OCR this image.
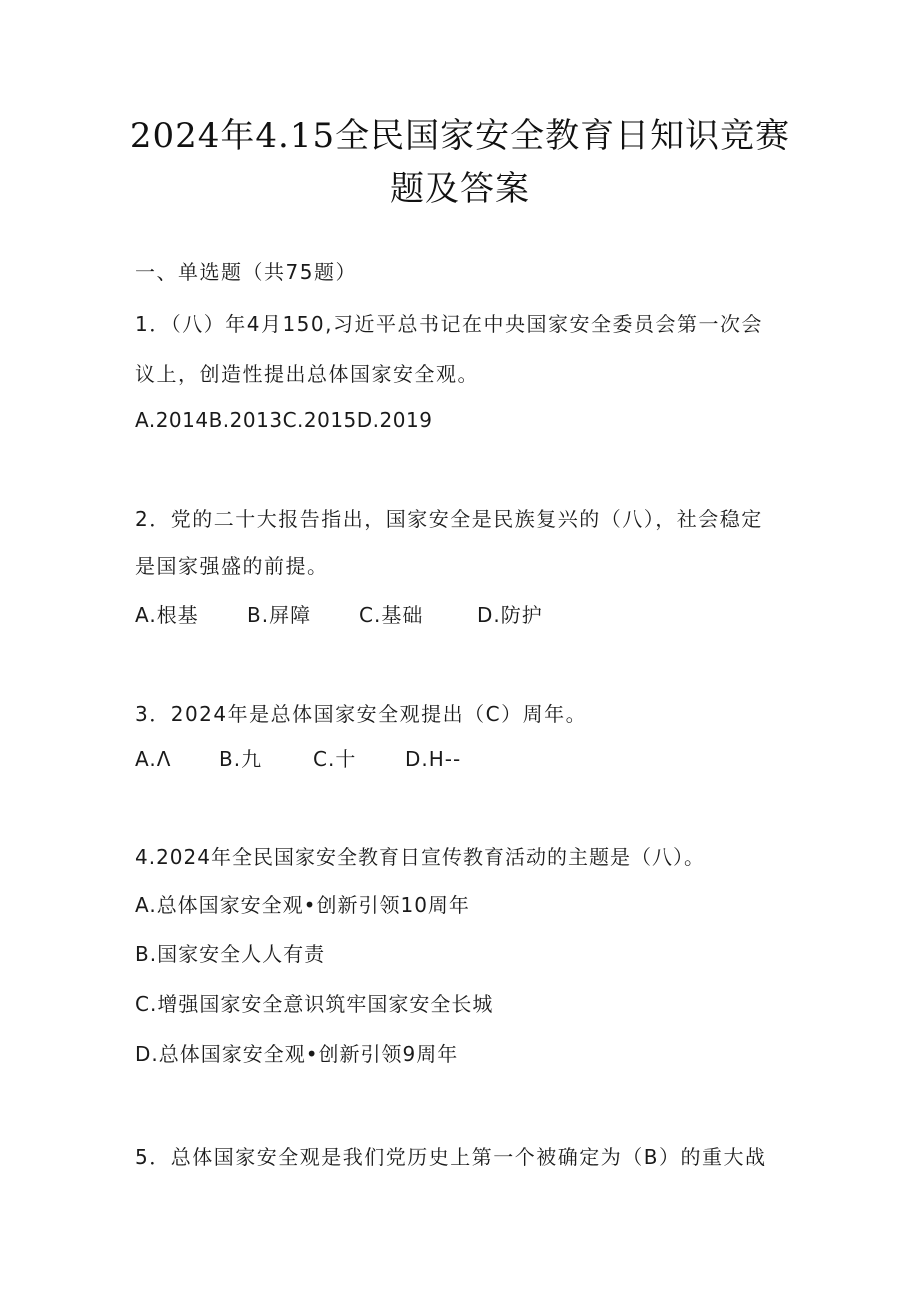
2024年4.15全民国家安全教育日知识竞赛
题及答案
一、单选题（共75题）
1．（八）年4月150,习近平总书记在中央国家安全委员会第一次会
议上，创造性提出总体国家安全观。
A.2014B.2013C.2015D.2019
2．党的二十大报告指出，国家安全是民族复兴的（八），社会稳定
是国家强盛的前提。
A.根基	B.屏障	C.基础	D.防护
3．2024年是总体国家安全观提出（C）周年。
A.Λ	B.九	C.十	D.H--
4.2024年全民国家安全教育日宣传教育活动的主题是（八）。
A.总体国家安全观•创新引领10周年
B.国家安全人人有责
C.增强国家安全意识筑牢国家安全长城
D.总体国家安全观•创新引领9周年
5．总体国家安全观是我们党历史上第一个被确定为（B）的重大战
